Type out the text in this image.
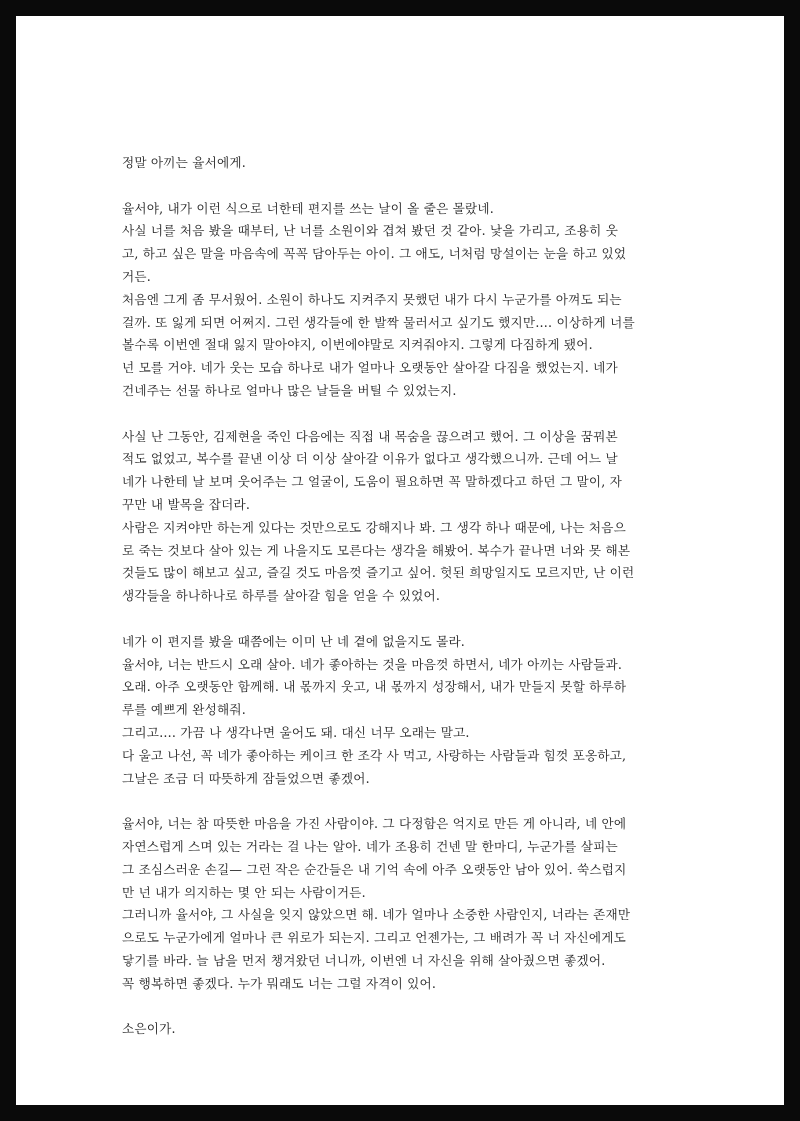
정말 아끼는 율서에게.

율서야, 내가 이런 식으로 너한테 편지를 쓰는 날이 올 줄은 몰랐네.
사실 너를 처음 봤을 때부터, 난 너를 소원이와 겹쳐 봤던 것 같아. 낯을 가리고, 조용히 웃
고, 하고 싶은 말을 마음속에 꼭꼭 담아두는 아이. 그 애도, 너처럼 망설이는 눈을 하고 있었
거든.
처음엔 그게 좀 무서웠어. 소원이 하나도 지켜주지 못했던 내가 다시 누군가를 아껴도 되는
걸까. 또 잃게 되면 어쩌지. 그런 생각들에 한 발짝 물러서고 싶기도 했지만…. 이상하게 너를
볼수록 이번엔 절대 잃지 말아야지, 이번에야말로 지켜줘야지. 그렇게 다짐하게 됐어.
넌 모를 거야. 네가 웃는 모습 하나로 내가 얼마나 오랫동안 살아갈 다짐을 했었는지. 네가
건네주는 선물 하나로 얼마나 많은 날들을 버틸 수 있었는지.
사실 난 그동안, 김제현을 죽인 다음에는 직접 내 목숨을 끊으려고 했어. 그 이상을 꿈꿔본
적도 없었고, 복수를 끝낸 이상 더 이상 살아갈 이유가 없다고 생각했으니까. 근데 어느 날
네가 나한테 날 보며 웃어주는 그 얼굴이, 도움이 필요하면 꼭 말하겠다고 하던 그 말이, 자
꾸만 내 발목을 잡더라.
사람은 지켜야만 하는게 있다는 것만으로도 강해지나 봐. 그 생각 하나 때문에, 나는 처음으
로 죽는 것보다 살아 있는 게 나을지도 모른다는 생각을 해봤어. 복수가 끝나면 너와 못 해본
것들도 많이 해보고 싶고, 즐길 것도 마음껏 즐기고 싶어. 헛된 희망일지도 모르지만, 난 이런
생각들을 하나하나로 하루를 살아갈 힘을 얻을 수 있었어.
네가 이 편지를 봤을 때쯤에는 이미 난 네 곁에 없을지도 몰라.
율서야, 너는 반드시 오래 살아. 네가 좋아하는 것을 마음껏 하면서, 네가 아끼는 사람들과.
오래. 아주 오랫동안 함께해. 내 몫까지 웃고, 내 몫까지 성장해서, 내가 만들지 못할 하루하
루를 예쁘게 완성해줘.
그리고…. 가끔 나 생각나면 울어도 돼. 대신 너무 오래는 말고.
다 울고 나선, 꼭 네가 좋아하는 케이크 한 조각 사 먹고, 사랑하는 사람들과 힘껏 포옹하고,
그날은 조금 더 따뜻하게 잠들었으면 좋겠어.
율서야, 너는 참 따뜻한 마음을 가진 사람이야. 그 다정함은 억지로 만든 게 아니라, 네 안에
자연스럽게 스며 있는 거라는 걸 나는 알아. 네가 조용히 건넨 말 한마디, 누군가를 살피는
그 조심스러운 손길— 그런 작은 순간들은 내 기억 속에 아주 오랫동안 남아 있어. 쑥스럽지
만 넌 내가 의지하는 몇 안 되는 사람이거든.
그러니까 율서야, 그 사실을 잊지 않았으면 해. 네가 얼마나 소중한 사람인지, 너라는 존재만
으로도 누군가에게 얼마나 큰 위로가 되는지. 그리고 언젠가는, 그 배려가 꼭 너 자신에게도
닿기를 바라. 늘 남을 먼저 챙겨왔던 너니까, 이번엔 너 자신을 위해 살아줬으면 좋겠어.
꼭 행복하면 좋겠다. 누가 뭐래도 너는 그럴 자격이 있어.

소은이가.
